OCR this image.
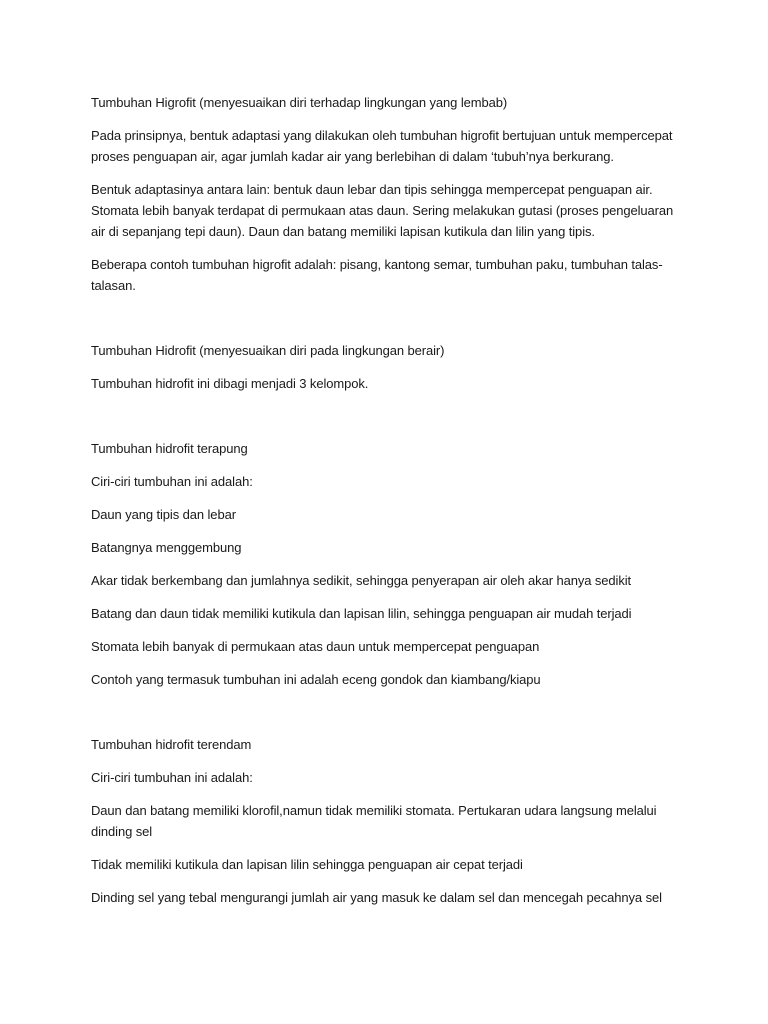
Tumbuhan Higrofit (menyesuaikan diri terhadap lingkungan yang lembab)

Pada prinsipnya, bentuk adaptasi yang dilakukan oleh tumbuhan higrofit bertujuan untuk mempercepat proses penguapan air, agar jumlah kadar air yang berlebihan di dalam ‘tubuh’nya berkurang.

Bentuk adaptasinya antara lain: bentuk daun lebar dan tipis sehingga mempercepat penguapan air. Stomata lebih banyak terdapat di permukaan atas daun. Sering melakukan gutasi (proses pengeluaran air di sepanjang tepi daun). Daun dan batang memiliki lapisan kutikula dan lilin yang tipis.

Beberapa contoh tumbuhan higrofit adalah: pisang, kantong semar, tumbuhan paku, tumbuhan talas-talasan.

Tumbuhan Hidrofit (menyesuaikan diri pada lingkungan berair)

Tumbuhan hidrofit ini dibagi menjadi 3 kelompok.

Tumbuhan hidrofit terapung

Ciri-ciri tumbuhan ini adalah:

Daun yang tipis dan lebar

Batangnya menggembung

Akar tidak berkembang dan jumlahnya sedikit, sehingga penyerapan air oleh akar hanya sedikit

Batang dan daun tidak memiliki kutikula dan lapisan lilin, sehingga penguapan air mudah terjadi

Stomata lebih banyak di permukaan atas daun untuk mempercepat penguapan

Contoh yang termasuk tumbuhan ini adalah eceng gondok dan kiambang/kiapu

Tumbuhan hidrofit terendam

Ciri-ciri tumbuhan ini adalah:

Daun dan batang memiliki klorofil,namun tidak memiliki stomata. Pertukaran udara langsung melalui dinding sel

Tidak memiliki kutikula dan lapisan lilin sehingga penguapan air cepat terjadi

Dinding sel yang tebal mengurangi jumlah air yang masuk ke dalam sel dan mencegah pecahnya sel
